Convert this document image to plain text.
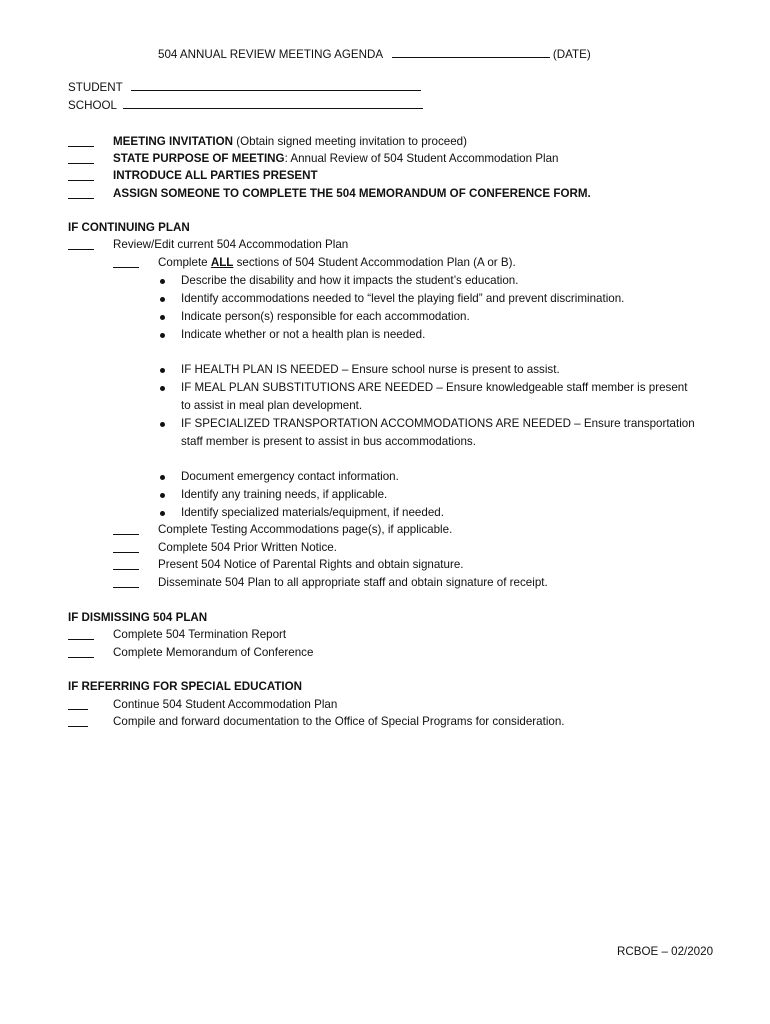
504 ANNUAL REVIEW MEETING AGENDA	(DATE)
STUDENT
SCHOOL
MEETING INVITATION (Obtain signed meeting invitation to proceed)
STATE PURPOSE OF MEETING: Annual Review of 504 Student Accommodation Plan
INTRODUCE ALL PARTIES PRESENT
ASSIGN SOMEONE TO COMPLETE THE 504 MEMORANDUM OF CONFERENCE FORM.
IF CONTINUING PLAN
Review/Edit current 504 Accommodation Plan
Complete ALL sections of 504 Student Accommodation Plan (A or B).
Describe the disability and how it impacts the student’s education.
Identify accommodations needed to “level the playing field” and prevent discrimination.
Indicate person(s) responsible for each accommodation.
Indicate whether or not a health plan is needed.
IF HEALTH PLAN IS NEEDED – Ensure school nurse is present to assist.
IF MEAL PLAN SUBSTITUTIONS ARE NEEDED – Ensure knowledgeable staff member is present
to assist in meal plan development.
IF SPECIALIZED TRANSPORTATION ACCOMMODATIONS ARE NEEDED – Ensure transportation
staff member is present to assist in bus accommodations.
Document emergency contact information.
Identify any training needs, if applicable.
Identify specialized materials/equipment, if needed.
Complete Testing Accommodations page(s), if applicable.
Complete 504 Prior Written Notice.
Present 504 Notice of Parental Rights and obtain signature.
Disseminate 504 Plan to all appropriate staff and obtain signature of receipt.
IF DISMISSING 504 PLAN
Complete 504 Termination Report
Complete Memorandum of Conference
IF REFERRING FOR SPECIAL EDUCATION
Continue 504 Student Accommodation Plan
Compile and forward documentation to the Office of Special Programs for consideration.
RCBOE – 02/2020
